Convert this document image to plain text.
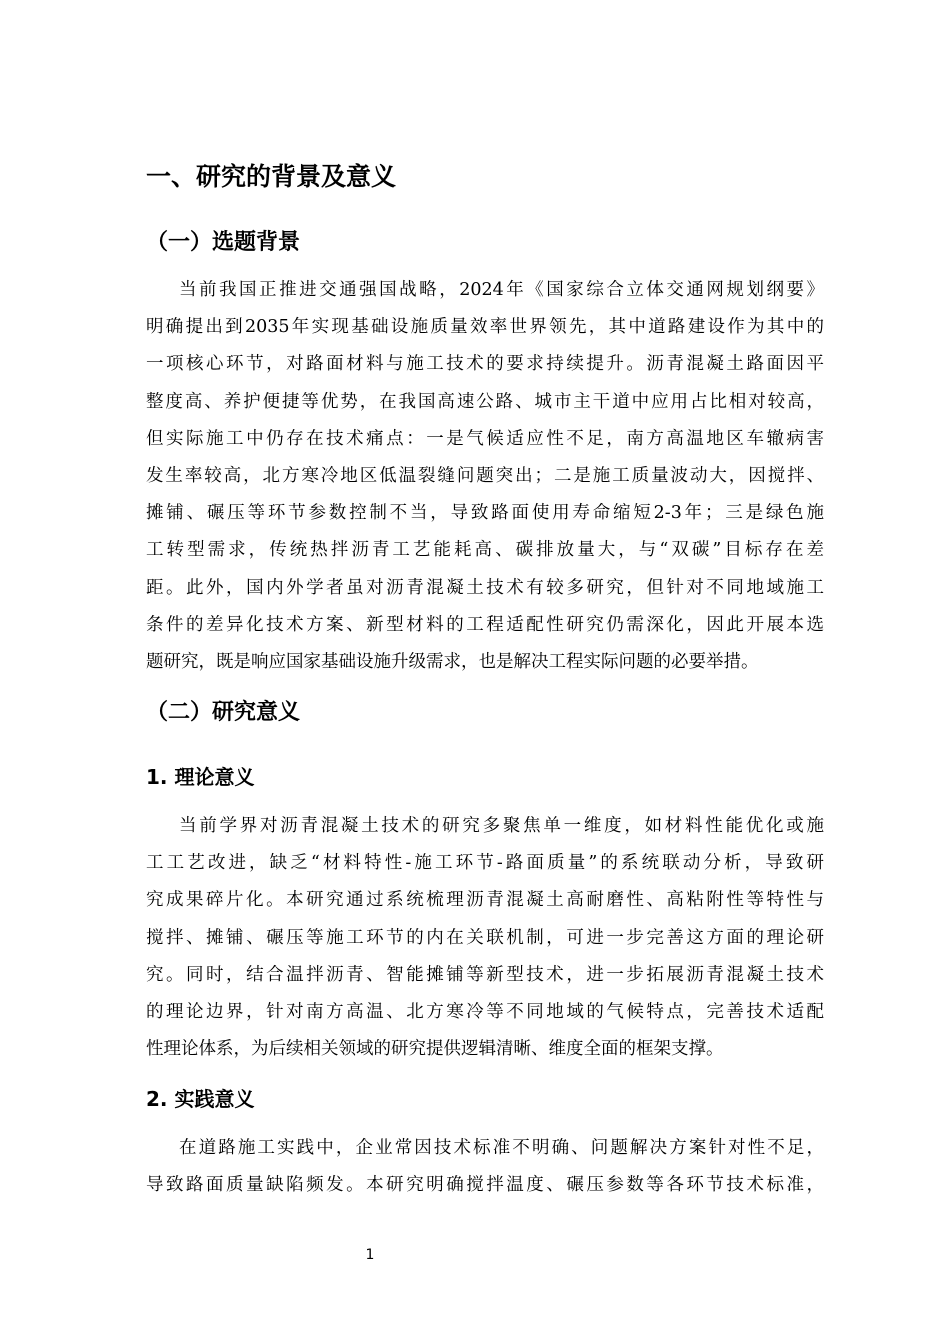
一、研究的背景及意义
（一）选题背景
当前我国正推进交通强国战略，2024年《国家综合立体交通网规划纲要》
明确提出到2035年实现基础设施质量效率世界领先，其中道路建设作为其中的
一项核心环节，对路面材料与施工技术的要求持续提升。沥青混凝土路面因平
整度高、养护便捷等优势，在我国高速公路、城市主干道中应用占比相对较高，
但实际施工中仍存在技术痛点：一是气候适应性不足，南方高温地区车辙病害
发生率较高，北方寒冷地区低温裂缝问题突出；二是施工质量波动大，因搅拌、
摊铺、碾压等环节参数控制不当，导致路面使用寿命缩短2-3年；三是绿色施
工转型需求，传统热拌沥青工艺能耗高、碳排放量大，与“双碳”目标存在差
距。此外，国内外学者虽对沥青混凝土技术有较多研究，但针对不同地域施工
条件的差异化技术方案、新型材料的工程适配性研究仍需深化，因此开展本选
题研究，既是响应国家基础设施升级需求，也是解决工程实际问题的必要举措。
（二）研究意义
1. 理论意义
当前学界对沥青混凝土技术的研究多聚焦单一维度，如材料性能优化或施
工工艺改进，缺乏“材料特性-施工环节-路面质量”的系统联动分析，导致研
究成果碎片化。本研究通过系统梳理沥青混凝土高耐磨性、高粘附性等特性与
搅拌、摊铺、碾压等施工环节的内在关联机制，可进一步完善这方面的理论研
究。同时，结合温拌沥青、智能摊铺等新型技术，进一步拓展沥青混凝土技术
的理论边界，针对南方高温、北方寒冷等不同地域的气候特点，完善技术适配
性理论体系，为后续相关领域的研究提供逻辑清晰、维度全面的框架支撑。
2. 实践意义
在道路施工实践中，企业常因技术标准不明确、问题解决方案针对性不足，
导致路面质量缺陷频发。本研究明确搅拌温度、碾压参数等各环节技术标准，
1
